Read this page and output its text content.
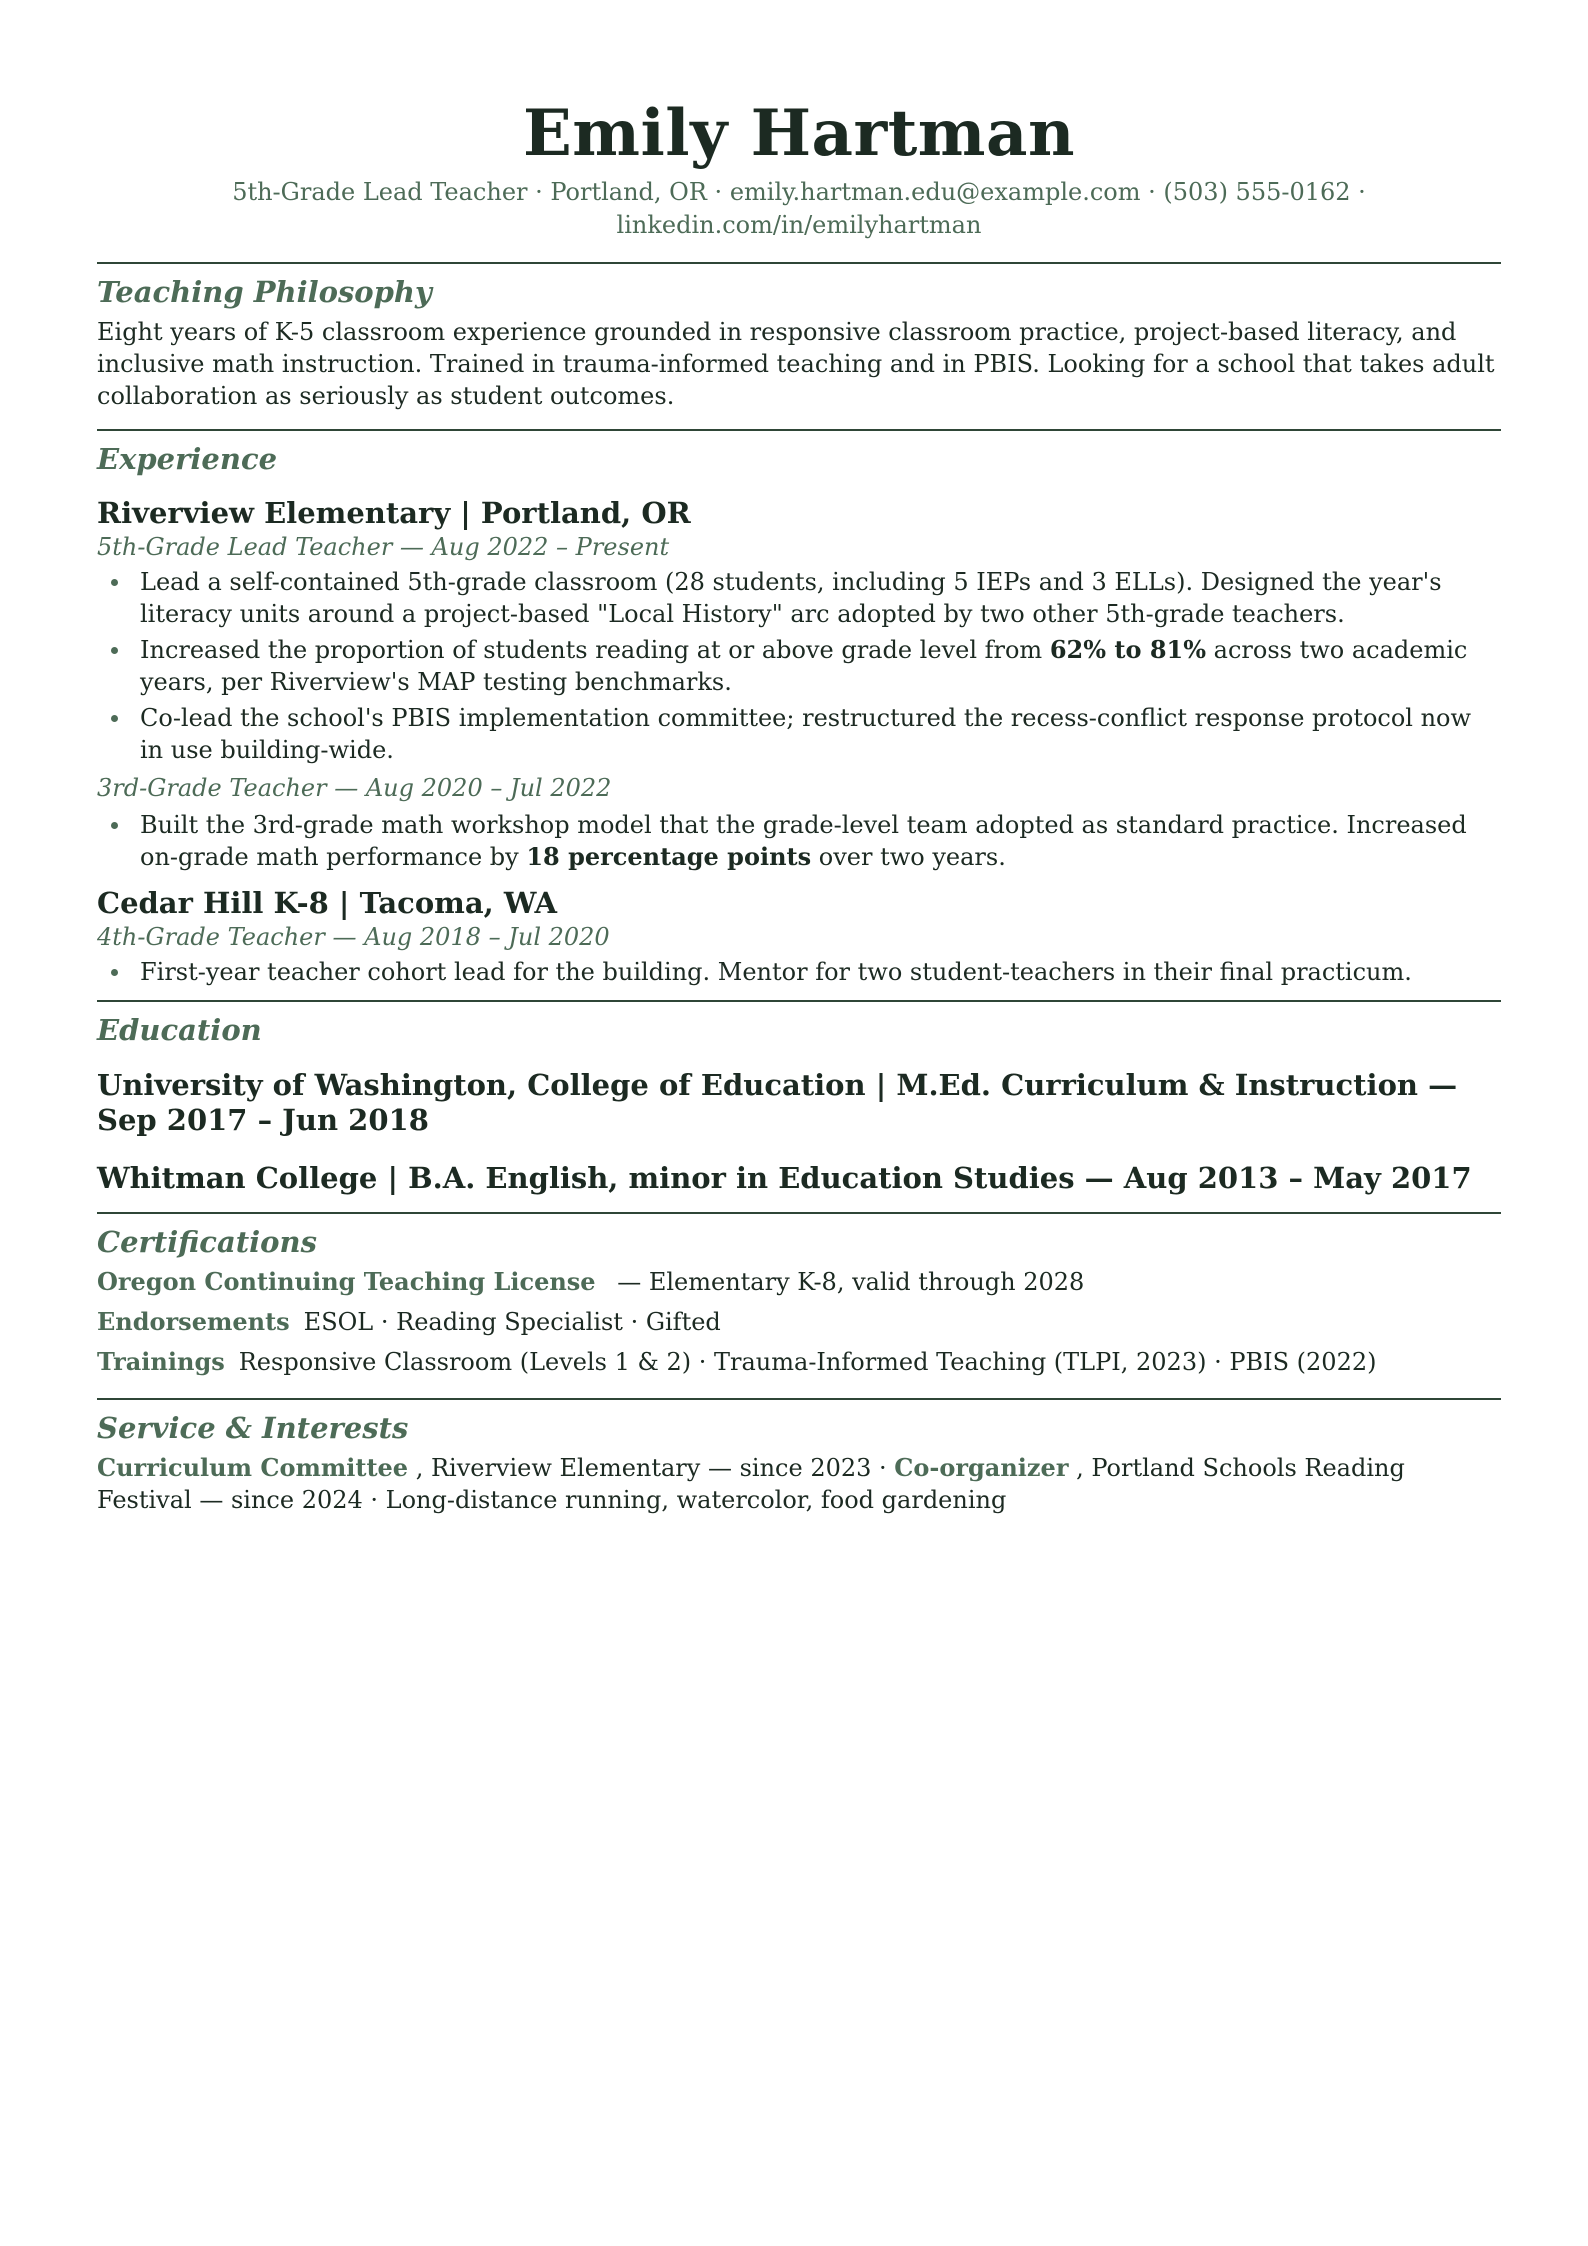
Emily Hartman
5th-Grade Lead Teacher · Portland, OR · emily.hartman.edu@example.com · (503) 555-0162 ·
linkedin.com/in/emilyhartman
Teaching Philosophy
Eight years of K-5 classroom experience grounded in responsive classroom practice, project-based literacy, and inclusive math instruction. Trained in trauma-informed teaching and in PBIS. Looking for a school that takes adult collaboration as seriously as student outcomes.
Experience
Riverview Elementary | Portland, OR
5th-Grade Lead Teacher — Aug 2022 – Present
Lead a self-contained 5th-grade classroom (28 students, including 5 IEPs and 3 ELLs). Designed the year's literacy units around a project-based "Local History" arc adopted by two other 5th-grade teachers.
Increased the proportion of students reading at or above grade level from 62% to 81% across two academic years, per Riverview's MAP testing benchmarks.
Co-lead the school's PBIS implementation committee; restructured the recess-conflict response protocol now in use building-wide.
3rd-Grade Teacher — Aug 2020 – Jul 2022
Built the 3rd-grade math workshop model that the grade-level team adopted as standard practice. Increased on-grade math performance by 18 percentage points over two years.
Cedar Hill K-8 | Tacoma, WA
4th-Grade Teacher — Aug 2018 – Jul 2020
First-year teacher cohort lead for the building. Mentor for two student-teachers in their final practicum.
Education
University of Washington, College of Education | M.Ed. Curriculum & Instruction — Sep 2017 – Jun 2018
Whitman College | B.A. English, minor in Education Studies — Aug 2013 – May 2017
Certifications
Oregon Continuing Teaching License — Elementary K-8, valid through 2028
Endorsements ESOL · Reading Specialist · Gifted
Trainings Responsive Classroom (Levels 1 & 2) · Trauma-Informed Teaching (TLPI, 2023) · PBIS (2022)
Service & Interests
Curriculum Committee , Riverview Elementary — since 2023 · Co-organizer , Portland Schools Reading Festival — since 2024 · Long-distance running, watercolor, food gardening
